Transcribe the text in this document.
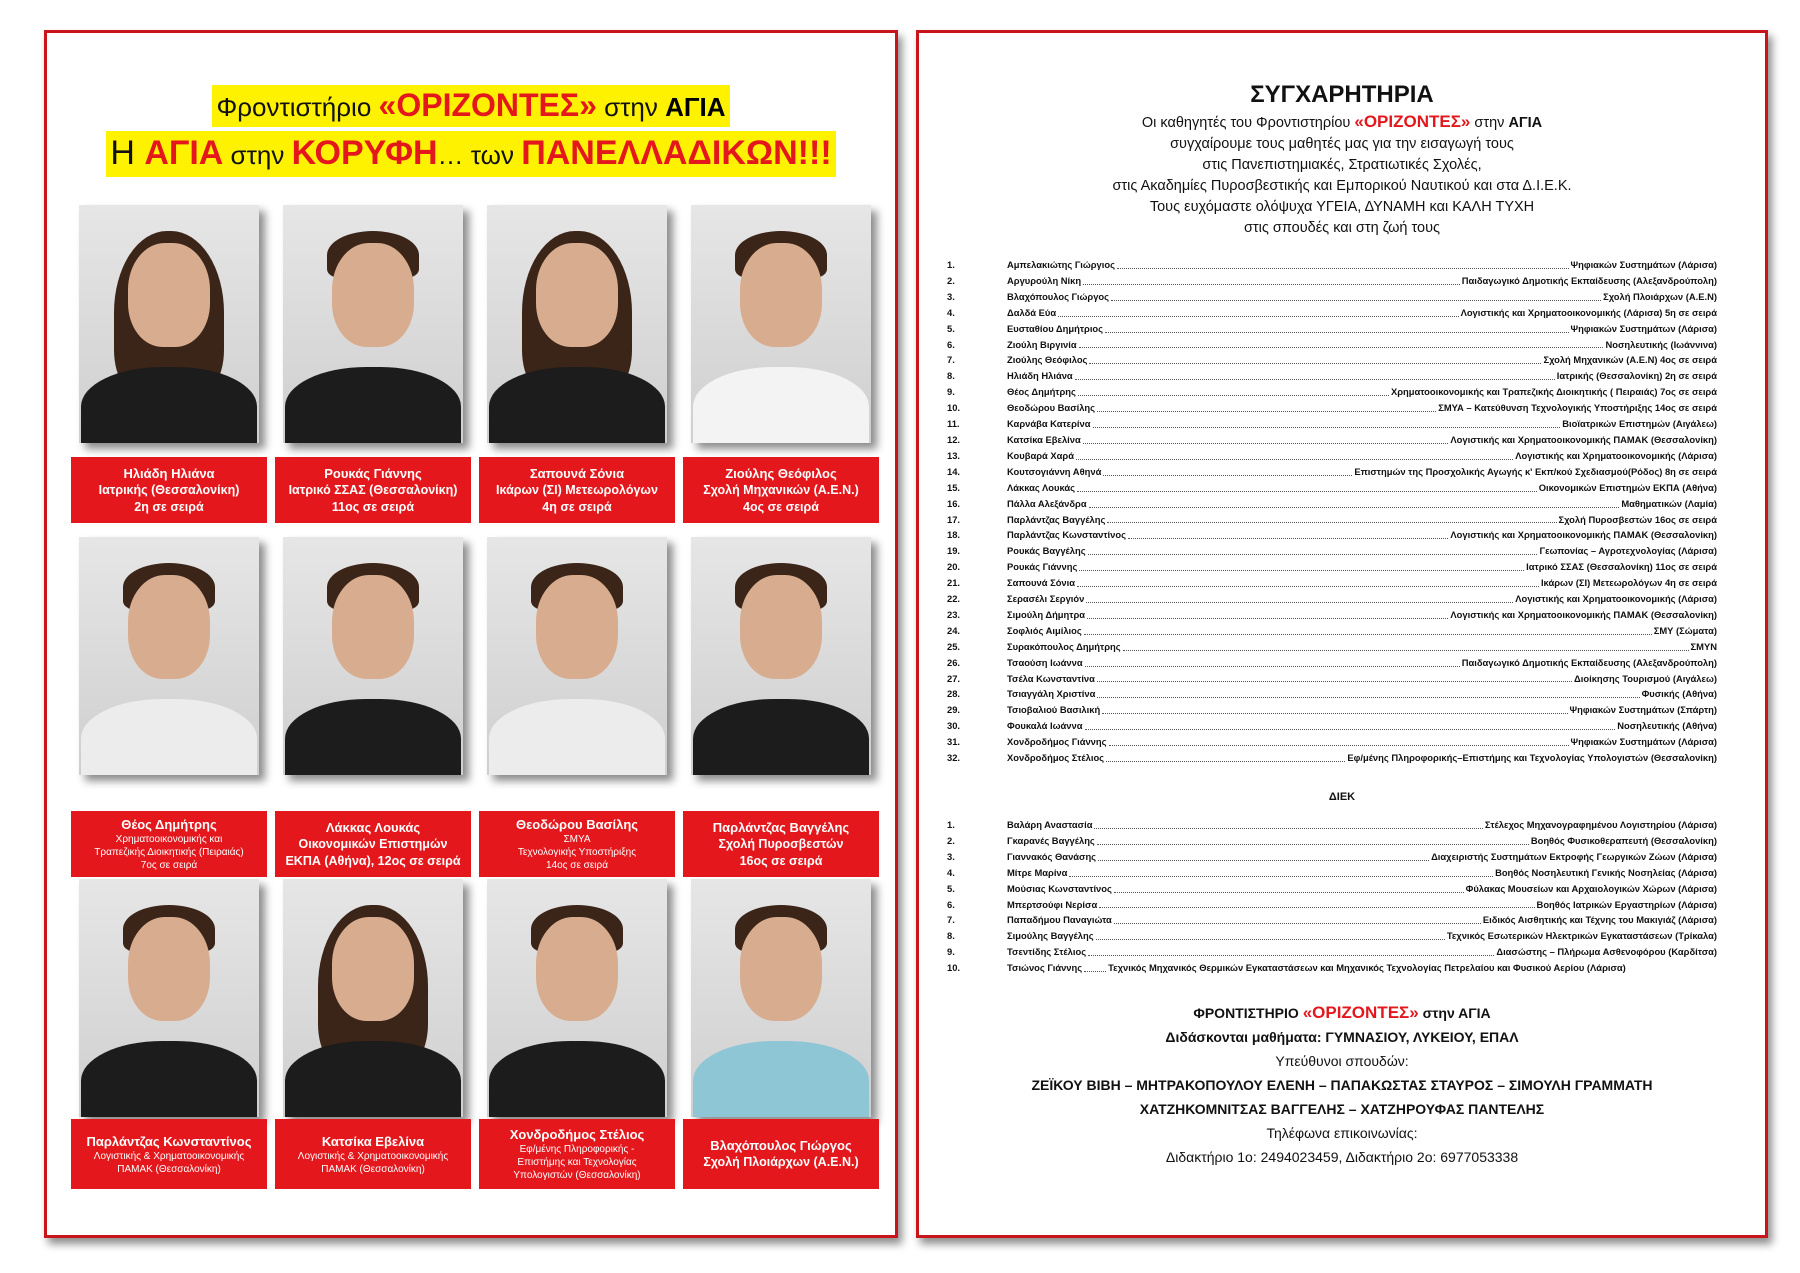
Φροντιστήριο «ΟΡΙΖΟΝΤΕΣ» στην ΑΓΙΑ
Η ΑΓΙΑ στην ΚΟΡΥΦΗ… των ΠΑΝΕΛΛΑΔΙΚΩΝ!!!
Ηλιάδη Ηλιάνα
Ιατρικής (Θεσσαλονίκη)
2η σε σειρά
Ρουκάς Γιάννης
Ιατρικό ΣΣΑΣ (Θεσσαλονίκη)
11ος σε σειρά
Σαπουνά Σόνια
Ικάρων (ΣΙ) Μετεωρολόγων
4η σε σειρά
Ζιούλης Θεόφιλος
Σχολή Μηχανικών (Α.Ε.Ν.)
4ος σε σειρά
Θέος Δημήτρης
Χρηματοοικονομικής και
Τραπεζικής Διοικητικής (Πειραιάς)
7ος σε σειρά
Λάκκας Λουκάς
Οικονομικών Επιστημών
ΕΚΠΑ (Αθήνα), 12ος σε σειρά
Θεοδώρου Βασίλης
ΣΜΥΑ
Τεχνολογικής Υποστήριξης
14ος σε σειρά
Παρλάντζας Βαγγέλης
Σχολή Πυροσβεστών
16ος σε σειρά
Παρλάντζας Κωνσταντίνος
Λογιστικής & Χρηματοοικονομικής
ΠΑΜΑΚ (Θεσσαλονίκη)
Κατσίκα Εβελίνα
Λογιστικής & Χρηματοοικονομικής
ΠΑΜΑΚ (Θεσσαλονίκη)
Χονδροδήμος Στέλιος
Εφ/μένης Πληροφορικής -
Επιστήμης και Τεχνολογίας
Υπολογιστών (Θεσσαλονίκη)
Βλαχόπουλος Γιώργος
Σχολή Πλοιάρχων (Α.Ε.Ν.)
ΣΥΓΧΑΡΗΤΗΡΙΑ
Οι καθηγητές του Φροντιστηρίου «ΟΡΙΖΟΝΤΕΣ» στην ΑΓΙΑ
συγχαίρουμε τους μαθητές μας για την εισαγωγή τους
στις Πανεπιστημιακές, Στρατιωτικές Σχολές,
στις Ακαδημίες Πυροσβεστικής και Εμπορικού Ναυτικού και στα Δ.Ι.Ε.Κ.
Τους ευχόμαστε ολόψυχα ΥΓΕΙΑ, ΔΥΝΑΜΗ και ΚΑΛΗ ΤΥΧΗ
στις σπουδές και στη ζωή τους
1.	Αμπελακιώτης Γιώργιος	Ψηφιακών Συστημάτων (Λάρισα)
2.	Αργυρούλη Νίκη	Παιδαγωγικό Δημοτικής Εκπαίδευσης (Αλεξανδρούπολη)
3.	Βλαχόπουλος Γιώργος	Σχολή Πλοιάρχων (Α.Ε.Ν)
4.	Δαλδά Εύα	Λογιστικής και Χρηματοοικονομικής (Λάρισα) 5η σε σειρά
5.	Ευσταθίου Δημήτριος	Ψηφιακών Συστημάτων (Λάρισα)
6.	Ζιούλη Βιργινία	Νοσηλευτικής (Ιωάννινα)
7.	Ζιούλης Θεόφιλος	Σχολή Μηχανικών (Α.Ε.Ν) 4ος σε σειρά
8.	Ηλιάδη Ηλιάνα	Ιατρικής (Θεσσαλονίκη) 2η σε σειρά
9.	Θέος Δημήτρης	Χρηματοοικονομικής και Τραπεζικής Διοικητικής ( Πειραιάς) 7ος σε σειρά
10.	Θεοδώρου Βασίλης	ΣΜΥΑ – Κατεύθυνση Τεχνολογικής Υποστήριξης 14ος σε σειρά
11.	Καρνάβα Κατερίνα	Βιοϊατρικών Επιστημών (Αιγάλεω)
12.	Κατσίκα Εβελίνα	Λογιστικής και Χρηματοοικονομικής ΠΑΜΑΚ (Θεσσαλονίκη)
13.	Κουβαρά Χαρά	Λογιστικής και Χρηματοοικονομικής (Λάρισα)
14.	Κουτσογιάννη Αθηνά	Επιστημών της Προσχολικής Αγωγής κ' Εκπ/κού Σχεδιασμού(Ρόδος) 8η σε σειρά
15.	Λάκκας Λουκάς	Οικονομικών Επιστημών ΕΚΠΑ (Αθήνα)
16.	Πάλλα Αλεξάνδρα	Μαθηματικών (Λαμία)
17.	Παρλάντζας Βαγγέλης	Σχολή Πυροσβεστών 16ος σε σειρά
18.	Παρλάντζας Κωνσταντίνος	Λογιστικής και Χρηματοοικονομικής ΠΑΜΑΚ (Θεσσαλονίκη)
19.	Ρουκάς Βαγγέλης	Γεωπονίας – Αγροτεχνολογίας (Λάρισα)
20.	Ρουκάς Γιάννης	Ιατρικό ΣΣΑΣ (Θεσσαλονίκη) 11ος σε σειρά
21.	Σαπουνά Σόνια	Ικάρων (ΣΙ) Μετεωρολόγων 4η σε σειρά
22.	Σερασέλι Σεργιόν	Λογιστικής και Χρηματοοικονομικής (Λάρισα)
23.	Σιμούλη Δήμητρα	Λογιστικής και Χρηματοοικονομικής ΠΑΜΑΚ (Θεσσαλονίκη)
24.	Σοφλιός Αιμίλιος	ΣΜΥ (Σώματα)
25.	Συρακόπουλος Δημήτρης	ΣΜΥΝ
26.	Τσαούση Ιωάννα	Παιδαγωγικό Δημοτικής Εκπαίδευσης (Αλεξανδρούπολη)
27.	Τσέλα Κωνσταντίνα	Διοίκησης Τουρισμού (Αιγάλεω)
28.	Τσιαγγάλη Χριστίνα	Φυσικής (Αθήνα)
29.	Τσιοβαλιού Βασιλική	Ψηφιακών Συστημάτων (Σπάρτη)
30.	Φουκαλά Ιωάννα	Νοσηλευτικής (Αθήνα)
31.	Χονδροδήμος Γιάννης	Ψηφιακών Συστημάτων (Λάρισα)
32.	Χονδροδήμος Στέλιος	Εφ/μένης Πληροφορικής–Επιστήμης και Τεχνολογίας Υπολογιστών (Θεσσαλονίκη)
ΔΙΕΚ
1.	Βαλάρη Αναστασία	Στέλεχος Μηχανογραφημένου Λογιστηρίου (Λάρισα)
2.	Γκαρανές Βαγγέλης	Βοηθός Φυσικοθεραπευτή (Θεσσαλονίκη)
3.	Γιαννακός Θανάσης	Διαχειριστής Συστημάτων Εκτροφής Γεωργικών Ζώων (Λάρισα)
4.	Μίτρε Μαρίνα	Βοηθός Νοσηλευτική Γενικής Νοσηλείας (Λάρισα)
5.	Μούσιας Κωνσταντίνος	Φύλακας Μουσείων και Αρχαιολογικών Χώρων (Λάρισα)
6.	Μπερτσούφι Νερίσα	Βοηθός Ιατρικών Εργαστηρίων (Λάρισα)
7.	Παπαδήμου Παναγιώτα	Ειδικός Αισθητικής και Τέχνης του Μακιγιάζ (Λάρισα)
8.	Σιμούλης Βαγγέλης	Τεχνικός Εσωτερικών Ηλεκτρικών Εγκαταστάσεων (Τρίκαλα)
9.	Τσεντίδης Στέλιος	Διασώστης – Πλήρωμα Ασθενοφόρου (Καρδίτσα)
10.	Τσιώνος Γιάννης	Τεχνικός Μηχανικός Θερμικών Εγκαταστάσεων και Μηχανικός Τεχνολογίας Πετρελαίου και Φυσικού Αερίου (Λάρισα)
ΦΡΟΝΤΙΣΤΗΡΙΟ «ΟΡΙΖΟΝΤΕΣ» στην ΑΓΙΑ
Διδάσκονται μαθήματα: ΓΥΜΝΑΣΙΟΥ, ΛΥΚΕΙΟΥ, ΕΠΑΛ
Υπεύθυνοι σπουδών:
ΖΕΪΚΟΥ ΒΙΒΗ – ΜΗΤΡΑΚΟΠΟΥΛΟΥ ΕΛΕΝΗ – ΠΑΠΑΚΩΣΤΑΣ ΣΤΑΥΡΟΣ – ΣΙΜΟΥΛΗ ΓΡΑΜΜΑΤΗ
ΧΑΤΖΗΚΟΜΝΙΤΣΑΣ ΒΑΓΓΕΛΗΣ – ΧΑΤΖΗΡΟΥΦΑΣ ΠΑΝΤΕΛΗΣ
Τηλέφωνα επικοινωνίας:
Διδακτήριο 1ο: 2494023459, Διδακτήριο 2ο: 6977053338
